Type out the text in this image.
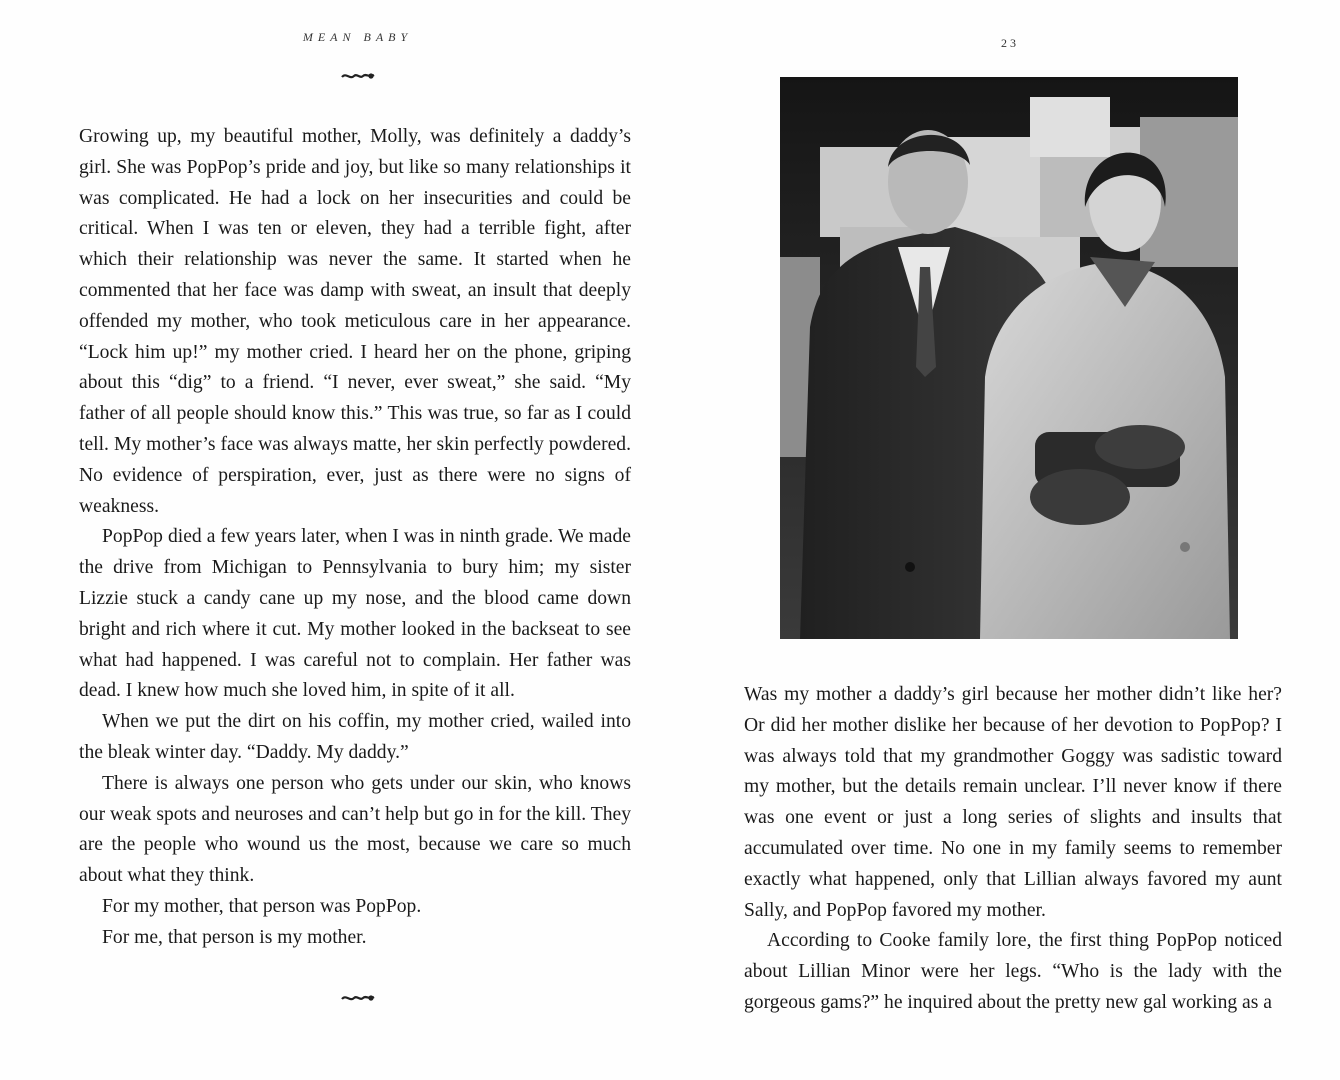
MEAN BABY	23

Growing up, my beautiful mother, Molly, was definitely a daddy’s girl. She was PopPop’s pride and joy, but like so many relationships it was complicated. He had a lock on her insecurities and could be critical. When I was ten or eleven, they had a terrible fight, after which their relationship was never the same. It started when he commented that her face was damp with sweat, an insult that deeply offended my mother, who took meticulous care in her appearance. “Lock him up!” my mother cried. I heard her on the phone, griping about this “dig” to a friend. “I never, ever sweat,” she said. “My father of all people should know this.” This was true, so far as I could tell. My mother’s face was always matte, her skin perfectly powdered. No evidence of perspiration, ever, just as there were no signs of weakness.

PopPop died a few years later, when I was in ninth grade. We made the drive from Michigan to Pennsylvania to bury him; my sister Lizzie stuck a candy cane up my nose, and the blood came down bright and rich where it cut. My mother looked in the backseat to see what had happened. I was careful not to complain. Her father was dead. I knew how much she loved him, in spite of it all.

When we put the dirt on his coffin, my mother cried, wailed into the bleak winter day. “Daddy. My daddy.”

There is always one person who gets under our skin, who knows our weak spots and neuroses and can’t help but go in for the kill. They are the people who wound us the most, because we care so much about what they think.

For my mother, that person was PopPop.

For me, that person is my mother.

Was my mother a daddy’s girl because her mother didn’t like her? Or did her mother dislike her because of her devotion to PopPop? I was always told that my grandmother Goggy was sadistic toward my mother, but the details remain unclear. I’ll never know if there was one event or just a long series of slights and insults that accumulated over time. No one in my family seems to remember exactly what happened, only that Lillian always favored my aunt Sally, and PopPop favored my mother.

According to Cooke family lore, the first thing PopPop noticed about Lillian Minor were her legs. “Who is the lady with the gorgeous gams?” he inquired about the pretty new gal working as a
